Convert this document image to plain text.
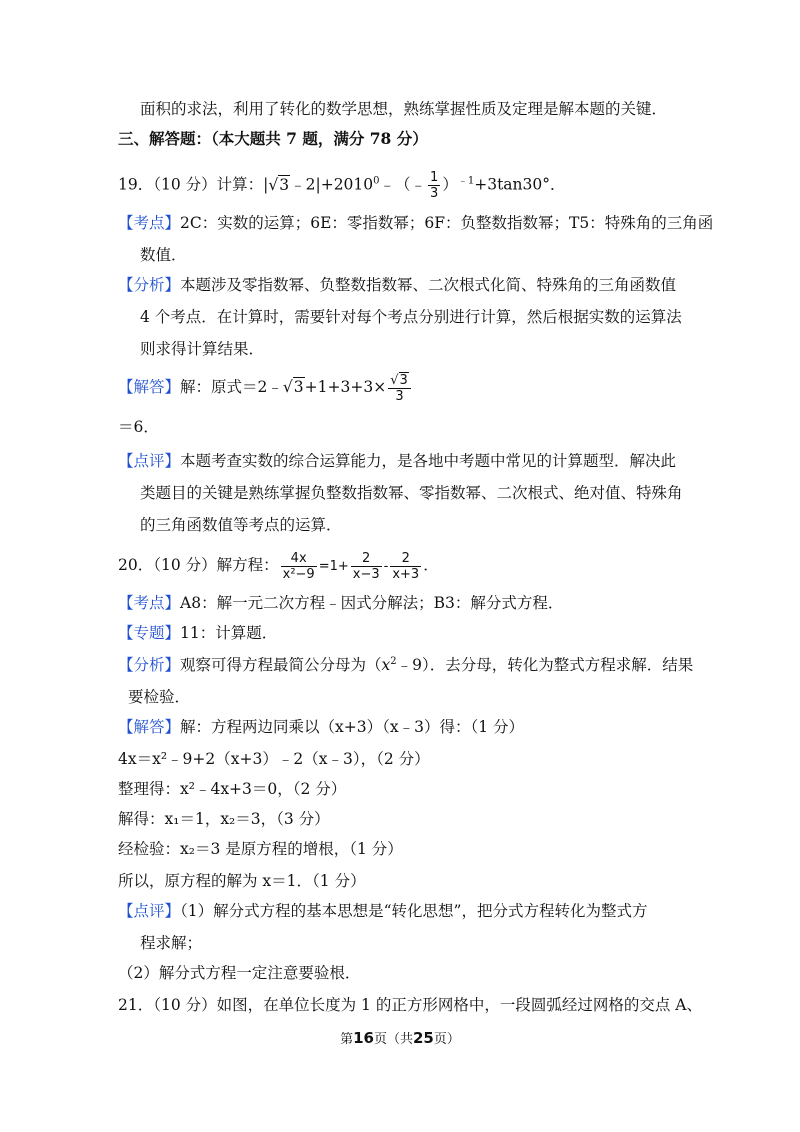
面积的求法，利用了转化的数学思想，熟练掌握性质及定理是解本题的关键．
三、解答题：（本大题共 7 题，满分 78 分）
19．（10 分）计算：$|√3﹣2|+2010^0﹣(﹣ \frac{1}{3} )^{﹣1}+3\tan 30^\circ$．
【考点】2C：实数的运算；6E：零指数幂；6F：负整数指数幂；T5：特殊角的三角函
数值．
【分析】本题涉及零指数幂、负整数指数幂、二次根式化简、特殊角的三角函数值
4 个考点．在计算时，需要针对每个考点分别进行计算，然后根据实数的运算法
则求得计算结果．
【解答】解：原式＝2﹣√3+1+3+3× $\frac{√3}{3}$
＝6．
【点评】本题考查实数的综合运算能力，是各地中考题中常见的计算题型．解决此
类题目的关键是熟练掌握负整数指数幂、零指数幂、二次根式、绝对值、特殊角
的三角函数值等考点的运算．
20．（10 分）解方程： $\frac{4x}{\text{x²−9}} =1+ \frac{2}{x-3} - \frac{2}{x+3}$ ．
【考点】A8：解一元二次方程﹣因式分解法；B3：解分式方程．
【专题】11：计算题．
【分析】观察可得方程最简公分母为$(x^2﹣9)$．去分母，转化为整式方程求解．结果
要检验．
【解答】解：方程两边同乘以（x+3）（x﹣3）得：（1 分）
4x＝x²﹣9+2（x+3）﹣2（x﹣3），（2 分）
整理得：x²﹣4x+3＝0，（2 分）
解得：x₁＝1，x₂＝3，（3 分）
经检验：x₂＝3 是原方程的增根，（1 分）
所以，原方程的解为 x＝1．（1 分）
【点评】（1）解分式方程的基本思想是“转化思想”，把分式方程转化为整式方
程求解；
（2）解分式方程一定注意要验根．
21．（10 分）如图，在单位长度为 1 的正方形网格中，一段圆弧经过网格的交点 A、
第16页（共25页）
